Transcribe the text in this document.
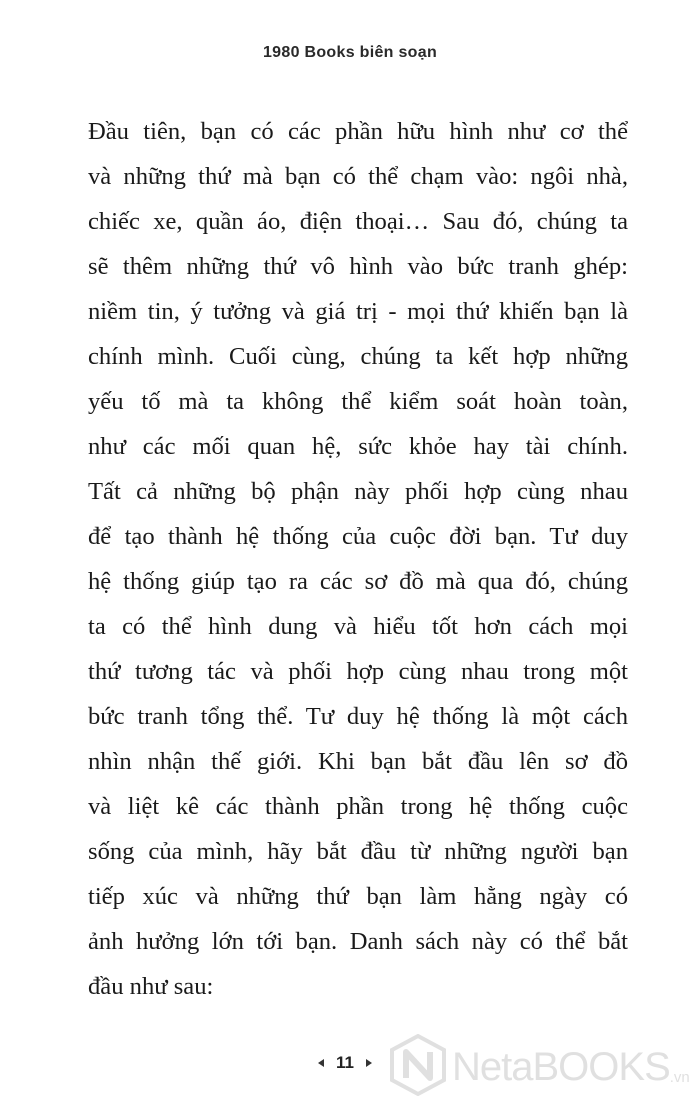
1980 Books biên soạn
Đầu tiên, bạn có các phần hữu hình như cơ thể
và những thứ mà bạn có thể chạm vào: ngôi nhà,
chiếc xe, quần áo, điện thoại… Sau đó, chúng ta
sẽ thêm những thứ vô hình vào bức tranh ghép:
niềm tin, ý tưởng và giá trị - mọi thứ khiến bạn là
chính mình. Cuối cùng, chúng ta kết hợp những
yếu tố mà ta không thể kiểm soát hoàn toàn,
như các mối quan hệ, sức khỏe hay tài chính.
Tất cả những bộ phận này phối hợp cùng nhau
để tạo thành hệ thống của cuộc đời bạn. Tư duy
hệ thống giúp tạo ra các sơ đồ mà qua đó, chúng
ta có thể hình dung và hiểu tốt hơn cách mọi
thứ tương tác và phối hợp cùng nhau trong một
bức tranh tổng thể. Tư duy hệ thống là một cách
nhìn nhận thế giới. Khi bạn bắt đầu lên sơ đồ
và liệt kê các thành phần trong hệ thống cuộc
sống của mình, hãy bắt đầu từ những người bạn
tiếp xúc và những thứ bạn làm hằng ngày có
ảnh hưởng lớn tới bạn. Danh sách này có thể bắt
đầu như sau:
11 NetaBOOKS .vn
